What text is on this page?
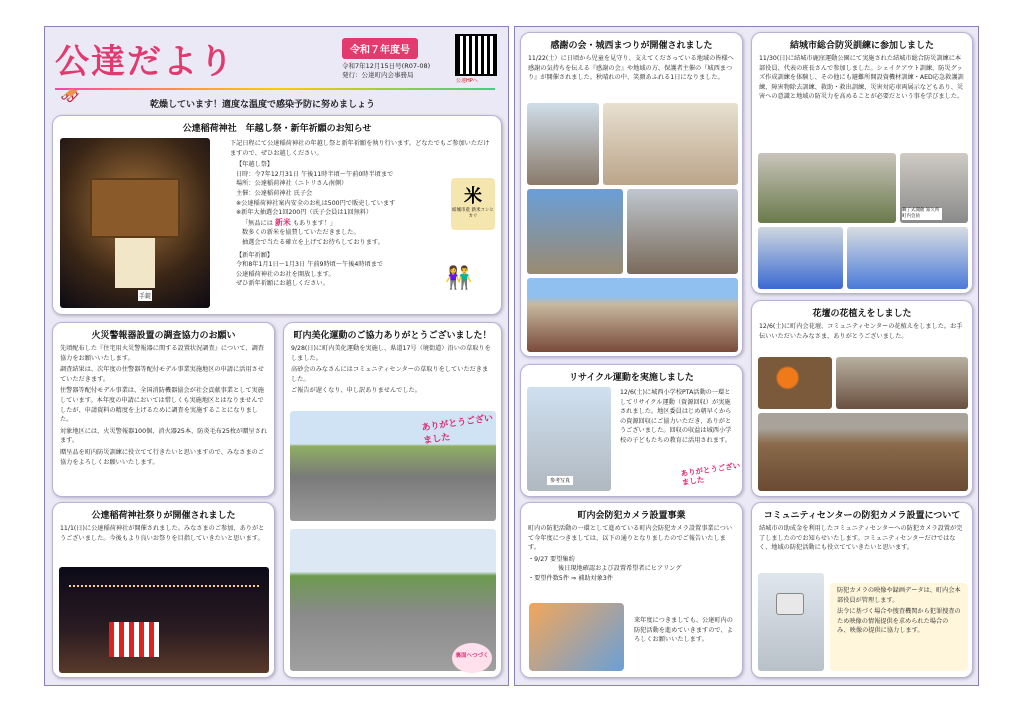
公達だより	令和７年度号
令和7年12月15日号(R07-08)
発行：公達町内会事務局
公達HPへ
乾燥しています！適度な温度で感染予防に努めましょう
🛷
公達稲荷神社　年越し祭・新年祈願のお知らせ
手錠

下記日程にて公達稲荷神社の年越し祭と新年祈願を執り行います。どなたでもご参加いただけますので、ぜひお越しください。

【年越し祭】
日時：令7年12月31日 午後11時半頃～午前0時半頃まで
場所：公達稲荷神社（ニトリさん南側）
主催：公達稲荷神社 氏子会
※公達稲荷神社案内安全のお札は500円で販売しています
※新年大抽選会1回200円（氏子会員は1回無料）
「無品には 新米 もあります！」
数多くの新米を協賛していただきました。
抽選会で当たる確立を上げてお待ちしております。
【新年祈願】
令和8年1月1日～1月3日 午前9時頃～午後4時頃まで
公達稲荷神社のお社を開放します。
ぜひ新年祈願にお越しください。
米
結城市産 新米コシヒカリ
👫
火災警報器設置の調査協力のお願い

先頃配布した『住宅用火災警報器に関する設置状況調査』について、調査協力をお願いいたします。

調査結果は、次年度の住警器等配付モデル事業実施地区の申請に活用させていただきます。

住警器等配付モデル事業は、全国消防機器協会が社会貢献事業として実施しています。本年度の申請においては惜しくも実施地区とはなりませんでしたが、申請資料の精度を上げるために調査を実施することになりました。

対象地区には、火災警報器100個、消火器25本、防炎毛布25枚が贈呈されます。

贈呈品を町内防災訓練に役立てて行きたいと思いますので、みなさまのご協力をよろしくお願いいたします。

公達稲荷神社祭りが開催されました
11/1(日)に公達稲荷神社が開催されました。みなさまのご参加、ありがとうございました。今後もより良いお祭りを目指していきたいと思います。
町内美化運動のご協力ありがとうございました！

9/28(日)に町内美化運動を実施し、県道17号（境街道）沿いの草取りをしました。

高砂会のみなさんにはコミュニティセンターの草取りをしていただきました。

ご報告が遅くなり、申し訳ありませんでした。

ありがとうございました
裏面へつづく
感謝の会・城西まつりが開催されました
11/22(土）に日頃から児童を見守り、支えてくださっている地域の皆様へ感謝の気持ちを伝える『感謝の会』や地域の方、保護者主催の『城西まつり』が開催されました。秋晴れの中、笑顔あふれる1日になりました。
リサイクル運動を実施しました
参考写真
12/6(土)に城西小学校PTA活動の一環としてリサイクル運動（資源回収）が実施されました。地区委員はじめ朝早くからの資源回収にご協力いただき、ありがとうございました。回収の収益は城西小学校の子どもたちの教育に活用されます。
ありがとうございました
町内会防犯カメラ設置事業

町内の防犯活動の一環として進めている町内会防犯カメラ設置事業について今年度につきましては、以下の通りとなりましたのでご報告いたします。

・9/27 要望集約
後日現地確認および設置希望者にヒアリング
・要望件数5件 ⇒ 補助対象3件
来年度につきましても、公達町内の防犯活動を進めていきますので、よろしくお願いいたします。
結城市総合防災訓練に参加しました
11/30(日)に結城市鹿窪運動公園にて実施された結城市総合防災訓練に本部役員、代表の班長さんで参加しました。シェイクアウト訓練、防災グッズ作成訓練を体験し、その他にも避難所開設資機材訓練・AED応急救護訓練、障害物除去訓練、救助・救出訓練、災害対応車両展示などもあり、災害への意識と地域の防災力を高めることが必要だという事を学びました。
瞬了式開催 知久所町内会員
花壇の花植えをしました
12/6(土)に町内会花壇、コミュニティセンターの花植えをしました。お手伝いいただいたみなさま、ありがとうございました。
コミュニティセンターの防犯カメラ設置について
結城市の助成金を利用したコミュニティセンターへの防犯カメラ設置が完了しましたのでお知らせいたします。コミュニティセンターだけではなく、地域の防犯活動にも役立てていきたいと思います。

防犯カメラの映像や録画データは、町内会本部役員が管理します。

法令に基づく場合や捜査機関から犯罪捜査のため映像の情報提供を求められた場合のみ、映像の提供に協力します。
